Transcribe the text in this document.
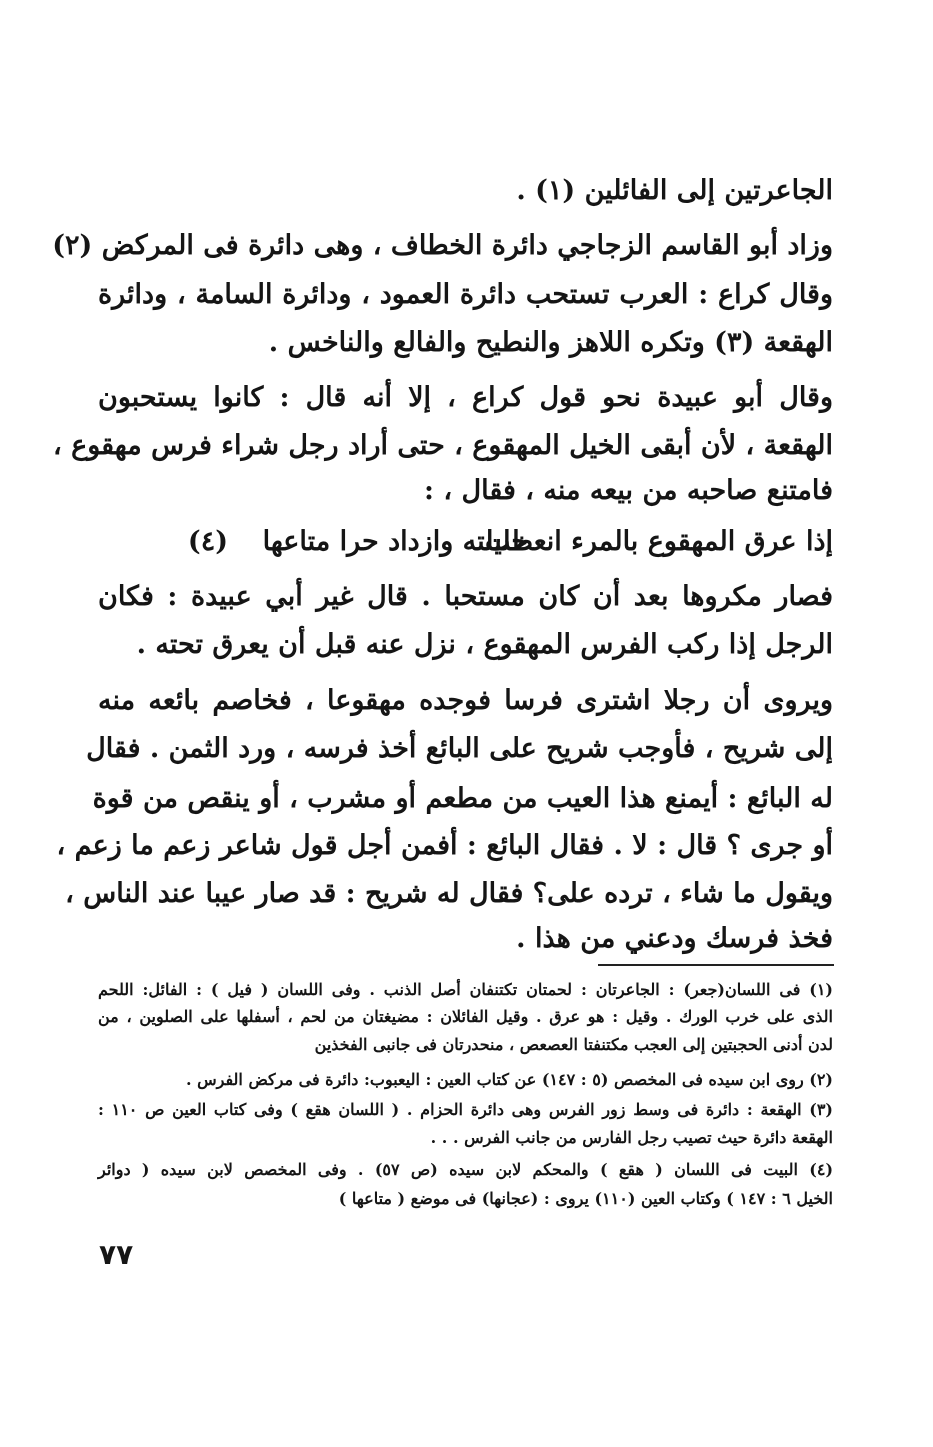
الجاعرتين إلى الفائلين (١) .
وزاد أبو القاسم الزجاجي دائرة الخطاف ، وهى دائرة فى المركض (٢)
وقال كراع : العرب تستحب دائرة العمود ، ودائرة السامة ، ودائرة
الهقعة (٣) وتكره اللاهز والنطيح والفالع والناخس .
وقال أبو عبيدة نحو قول كراع ، إلا أنه قال : كانوا يستحبون
الهقعة ، لأن أبقى الخيل المهقوع ، حتى أراد رجل شراء فرس مهقوع ،
فامتنع صاحبه من بيعه منه ، فقال ، :
إذا عرق المهقوع بالمرء انعظت
حليلته وازداد حرا متاعها
(٤)
فصار مكروها بعد أن كان مستحبا . قال غير أبي عبيدة : فكان
الرجل إذا ركب الفرس المهقوع ، نزل عنه قبل أن يعرق تحته .
ويروى أن رجلا اشترى فرسا فوجده مهقوعا ، فخاصم بائعه منه
إلى شريح ، فأوجب شريح على البائع أخذ فرسه ، ورد الثمن . فقال
له البائع : أيمنع هذا العيب من مطعم أو مشرب ، أو ينقص من قوة
أو جرى ؟ قال : لا . فقال البائع : أفمن أجل قول شاعر زعم ما زعم ،
ويقول ما شاء ، ترده على؟ فقال له شريح : قد صار عيبا عند الناس ،
فخذ فرسك ودعني من هذا .
(١) فى اللسان(جعر) : الجاعرتان : لحمتان تكتنفان أصل الذنب . وفى اللسان ( فيل ) : الفائل: اللحم
الذى على خرب الورك . وقيل : هو عرق . وقيل الفائلان : مضيغتان من لحم ، أسفلها على الصلوين ، من
لدن أدنى الحجبتين إلى العجب مكتنفتا العصعص ، منحدرتان فى جانبى الفخذين
(٢) روى ابن سيده فى المخصص (٥ : ١٤٧) عن كتاب العين : اليعبوب: دائرة فى مركض الفرس .
(٣) الهقعة : دائرة فى وسط زور الفرس وهى دائرة الحزام . ( اللسان هقع ) وفى كتاب العين ص ١١٠ :
الهقعة دائرة حيث تصيب رجل الفارس من جانب الفرس . . .
(٤) البيت فى اللسان ( هقع ) والمحكم لابن سيده (ص ٥٧) . وفى المخصص لابن سيده ( دوائر
الخيل ٦ : ١٤٧ ) وكتاب العين (١١٠) يروى : (عجانها) فى موضع ( متاعها )
٧٧
